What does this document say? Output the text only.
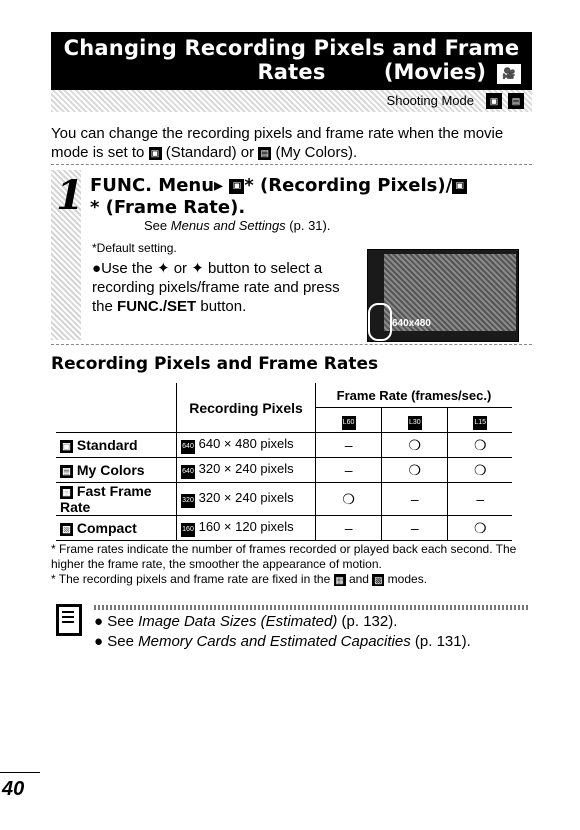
Changing Recording Pixels and Frame Rates	(Movies)	🎥
Shooting Mode	▣	▤
You can change the recording pixels and frame rate when the movie mode is set to ▣ (Standard) or ▤ (My Colors).
1 FUNC. Menu▸ ▣ * (Recording Pixels)/ ▣
* (Frame Rate).
See Menus and Settings (p. 31).
*Default setting.
●Use the ✦ or ✦ button to select a recording pixels/frame rate and press the FUNC./SET button.
640x480
Recording Pixels and Frame Rates
	Recording Pixels	Frame Rate (frames/sec.)		
		L60	L30	L15
▣ Standard	640 640 × 480 pixels	–	❍	❍
▤ My Colors	640 320 × 240 pixels	–	❍	❍
▦ Fast Frame Rate	320 320 × 240 pixels	❍	–	–
▧ Compact	160 160 × 120 pixels	–	–	❍
* Frame rates indicate the number of frames recorded or played back each second. The higher the frame rate, the smoother the appearance of motion.
* The recording pixels and frame rate are fixed in the ▦ and ▧ modes.
● See Image Data Sizes (Estimated) (p. 132).
● See Memory Cards and Estimated Capacities (p. 131).
40
